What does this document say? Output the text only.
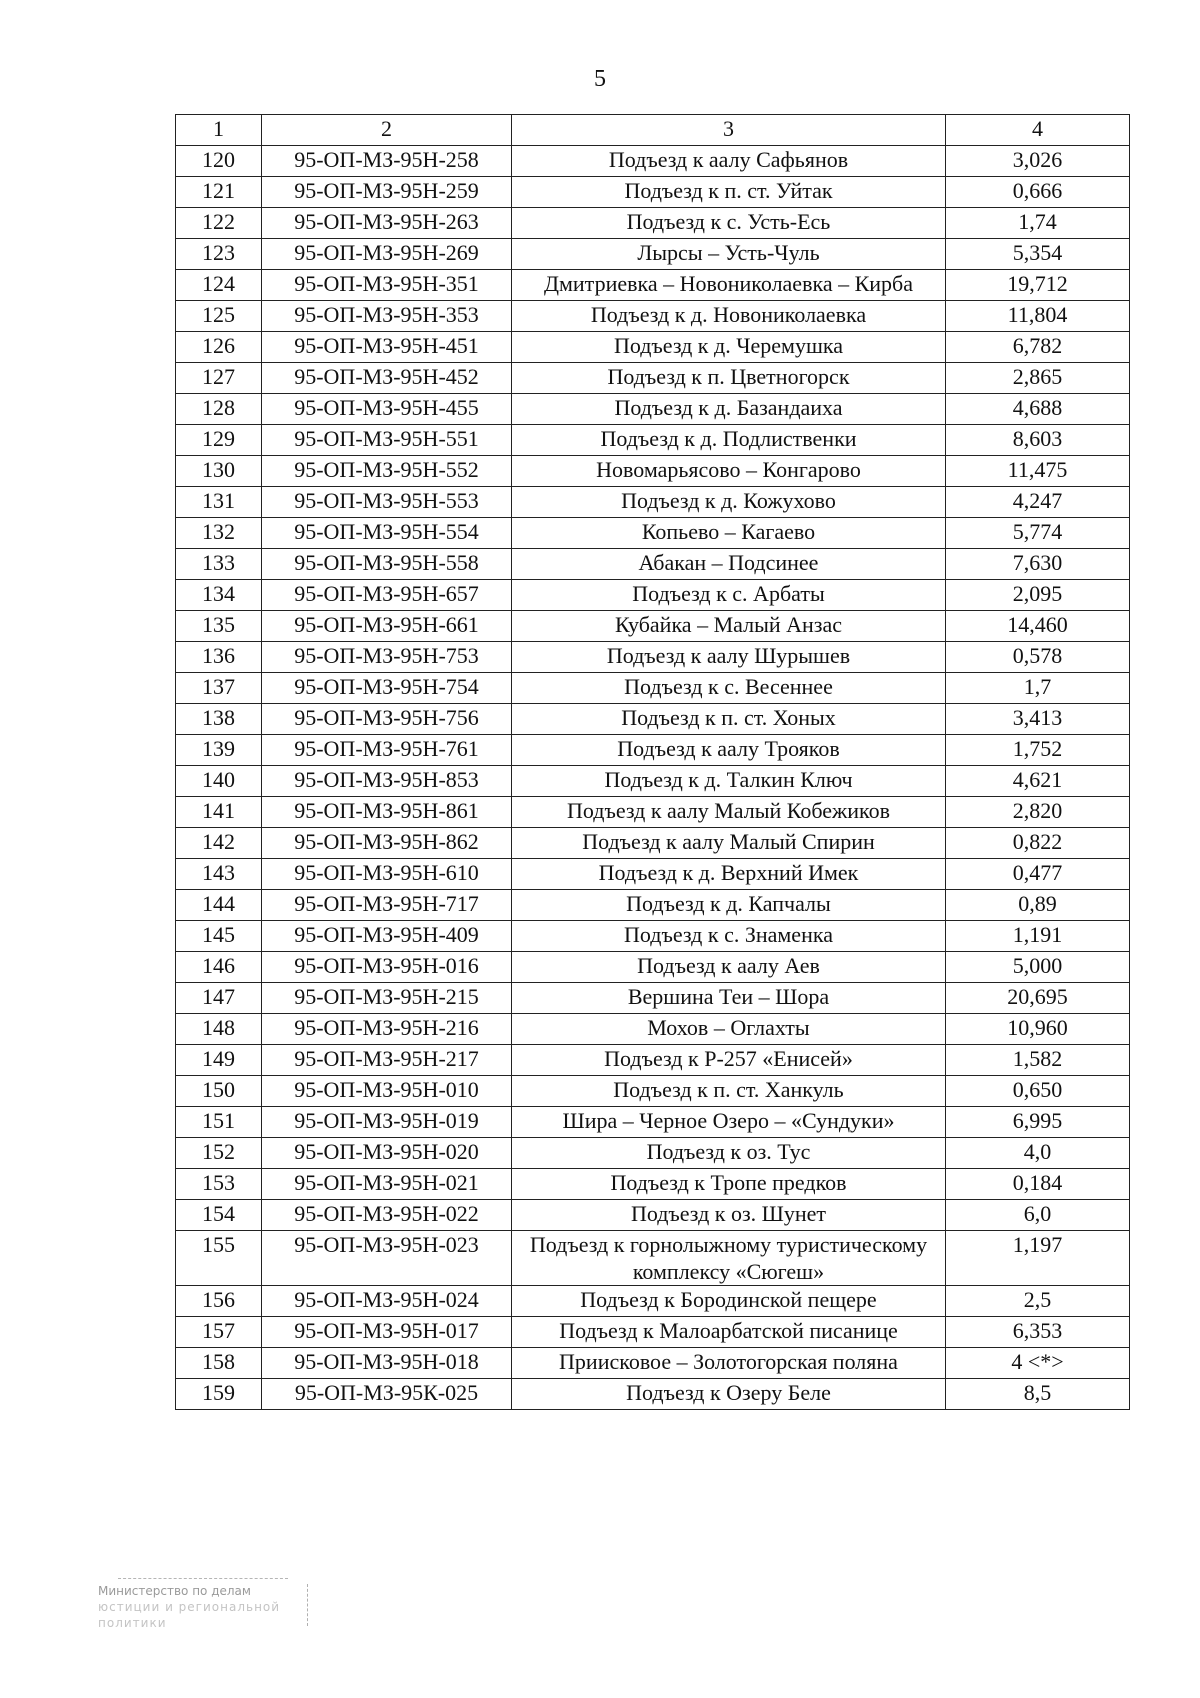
5
1	2	3	4
120	95-ОП-МЗ-95Н-258	Подъезд к аалу Сафьянов	3,026
121	95-ОП-МЗ-95Н-259	Подъезд к п. ст. Уйтак	0,666
122	95-ОП-МЗ-95Н-263	Подъезд к с. Усть-Есь	1,74
123	95-ОП-МЗ-95Н-269	Лырсы – Усть-Чуль	5,354
124	95-ОП-МЗ-95Н-351	Дмитриевка – Новониколаевка – Кирба	19,712
125	95-ОП-МЗ-95Н-353	Подъезд к д. Новониколаевка	11,804
126	95-ОП-МЗ-95Н-451	Подъезд к д. Черемушка	6,782
127	95-ОП-МЗ-95Н-452	Подъезд к п. Цветногорск	2,865
128	95-ОП-МЗ-95Н-455	Подъезд к д. Базандаиха	4,688
129	95-ОП-МЗ-95Н-551	Подъезд к д. Подлиственки	8,603
130	95-ОП-МЗ-95Н-552	Новомарьясово – Конгарово	11,475
131	95-ОП-МЗ-95Н-553	Подъезд к д. Кожухово	4,247
132	95-ОП-МЗ-95Н-554	Копьево – Кагаево	5,774
133	95-ОП-МЗ-95Н-558	Абакан – Подсинее	7,630
134	95-ОП-МЗ-95Н-657	Подъезд к с. Арбаты	2,095
135	95-ОП-МЗ-95Н-661	Кубайка – Малый Анзас	14,460
136	95-ОП-МЗ-95Н-753	Подъезд к аалу Шурышев	0,578
137	95-ОП-МЗ-95Н-754	Подъезд к с. Весеннее	1,7
138	95-ОП-МЗ-95Н-756	Подъезд к п. ст. Хоных	3,413
139	95-ОП-МЗ-95Н-761	Подъезд к аалу Трояков	1,752
140	95-ОП-МЗ-95Н-853	Подъезд к д. Талкин Ключ	4,621
141	95-ОП-МЗ-95Н-861	Подъезд к аалу Малый Кобежиков	2,820
142	95-ОП-МЗ-95Н-862	Подъезд к аалу Малый Спирин	0,822
143	95-ОП-МЗ-95Н-610	Подъезд к д. Верхний Имек	0,477
144	95-ОП-МЗ-95Н-717	Подъезд к д. Капчалы	0,89
145	95-ОП-МЗ-95Н-409	Подъезд к с. Знаменка	1,191
146	95-ОП-МЗ-95Н-016	Подъезд к аалу Аев	5,000
147	95-ОП-МЗ-95Н-215	Вершина Теи – Шора	20,695
148	95-ОП-МЗ-95Н-216	Мохов – Оглахты	10,960
149	95-ОП-МЗ-95Н-217	Подъезд к Р-257 «Енисей»	1,582
150	95-ОП-МЗ-95Н-010	Подъезд к п. ст. Ханкуль	0,650
151	95-ОП-МЗ-95Н-019	Шира – Черное Озеро – «Сундуки»	6,995
152	95-ОП-МЗ-95Н-020	Подъезд к оз. Тус	4,0
153	95-ОП-МЗ-95Н-021	Подъезд к Тропе предков	0,184
154	95-ОП-МЗ-95Н-022	Подъезд к оз. Шунет	6,0
155	95-ОП-МЗ-95Н-023	Подъезд к горнолыжному туристическому комплексу «Сюгеш»	1,197
156	95-ОП-МЗ-95Н-024	Подъезд к Бородинской пещере	2,5
157	95-ОП-МЗ-95Н-017	Подъезд к Малоарбатской писанице	6,353
158	95-ОП-МЗ-95Н-018	Приисковое – Золотогорская поляна	4 <*>
159	95-ОП-МЗ-95К-025	Подъезд к Озеру Беле	8,5
Министерство по делам
юстиции и региональной политики
